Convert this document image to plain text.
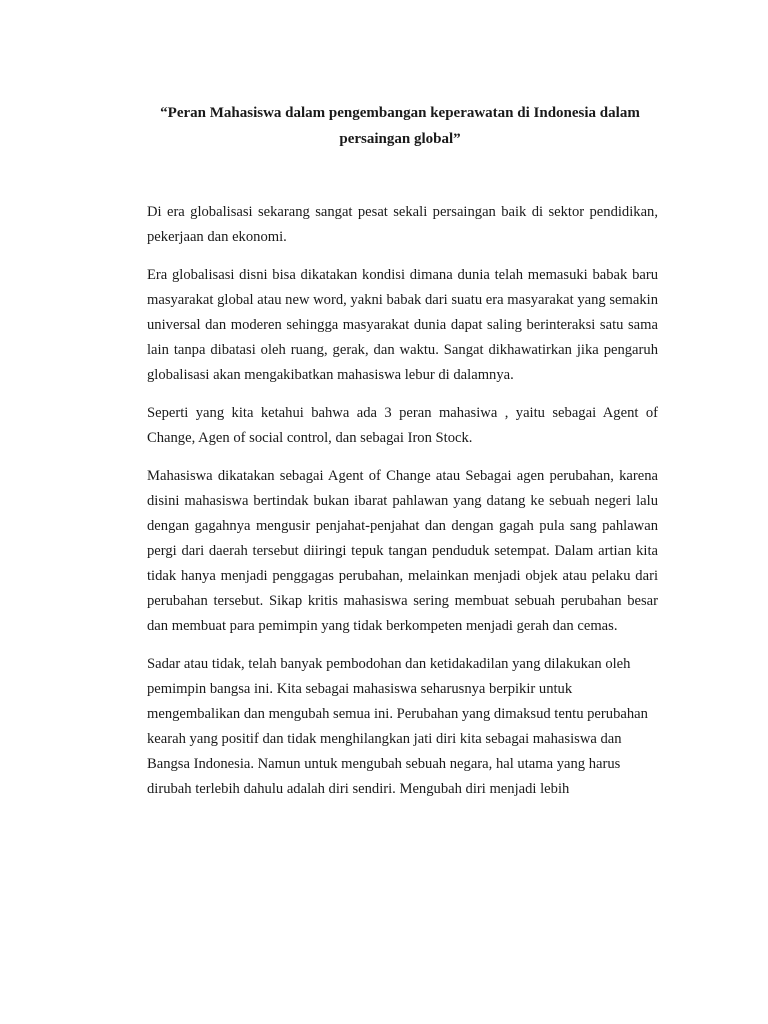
“Peran Mahasiswa dalam pengembangan keperawatan di Indonesia dalam
persaingan global”

Di era globalisasi sekarang sangat pesat sekali persaingan baik di sektor pendidikan, pekerjaan dan ekonomi.

Era globalisasi disni bisa dikatakan kondisi dimana dunia telah memasuki babak baru masyarakat global atau new word, yakni babak dari suatu era masyarakat yang semakin universal dan moderen sehingga masyarakat dunia dapat saling berinteraksi satu sama lain tanpa dibatasi oleh ruang, gerak, dan waktu. Sangat dikhawatirkan jika pengaruh globalisasi akan mengakibatkan mahasiswa lebur di dalamnya.

Seperti yang kita ketahui bahwa ada 3 peran mahasiwa , yaitu sebagai Agent of Change, Agen of social control, dan sebagai Iron Stock.

Mahasiswa dikatakan sebagai Agent of Change atau Sebagai agen perubahan, karena disini mahasiswa bertindak bukan ibarat pahlawan yang datang ke sebuah negeri lalu dengan gagahnya mengusir penjahat-penjahat dan dengan gagah pula sang pahlawan pergi dari daerah tersebut diiringi tepuk tangan penduduk setempat. Dalam artian kita tidak hanya menjadi penggagas perubahan, melainkan menjadi objek atau pelaku dari perubahan tersebut. Sikap kritis mahasiswa sering membuat sebuah perubahan besar dan membuat para pemimpin yang tidak berkompeten menjadi gerah dan cemas.

Sadar atau tidak, telah banyak pembodohan dan ketidakadilan yang dilakukan oleh pemimpin bangsa ini. Kita sebagai mahasiswa seharusnya berpikir untuk mengembalikan dan mengubah semua ini. Perubahan yang dimaksud tentu perubahan kearah yang positif dan tidak menghilangkan jati diri kita sebagai mahasiswa dan Bangsa Indonesia. Namun untuk mengubah sebuah negara, hal utama yang harus dirubah terlebih dahulu adalah diri sendiri. Mengubah diri menjadi lebih
